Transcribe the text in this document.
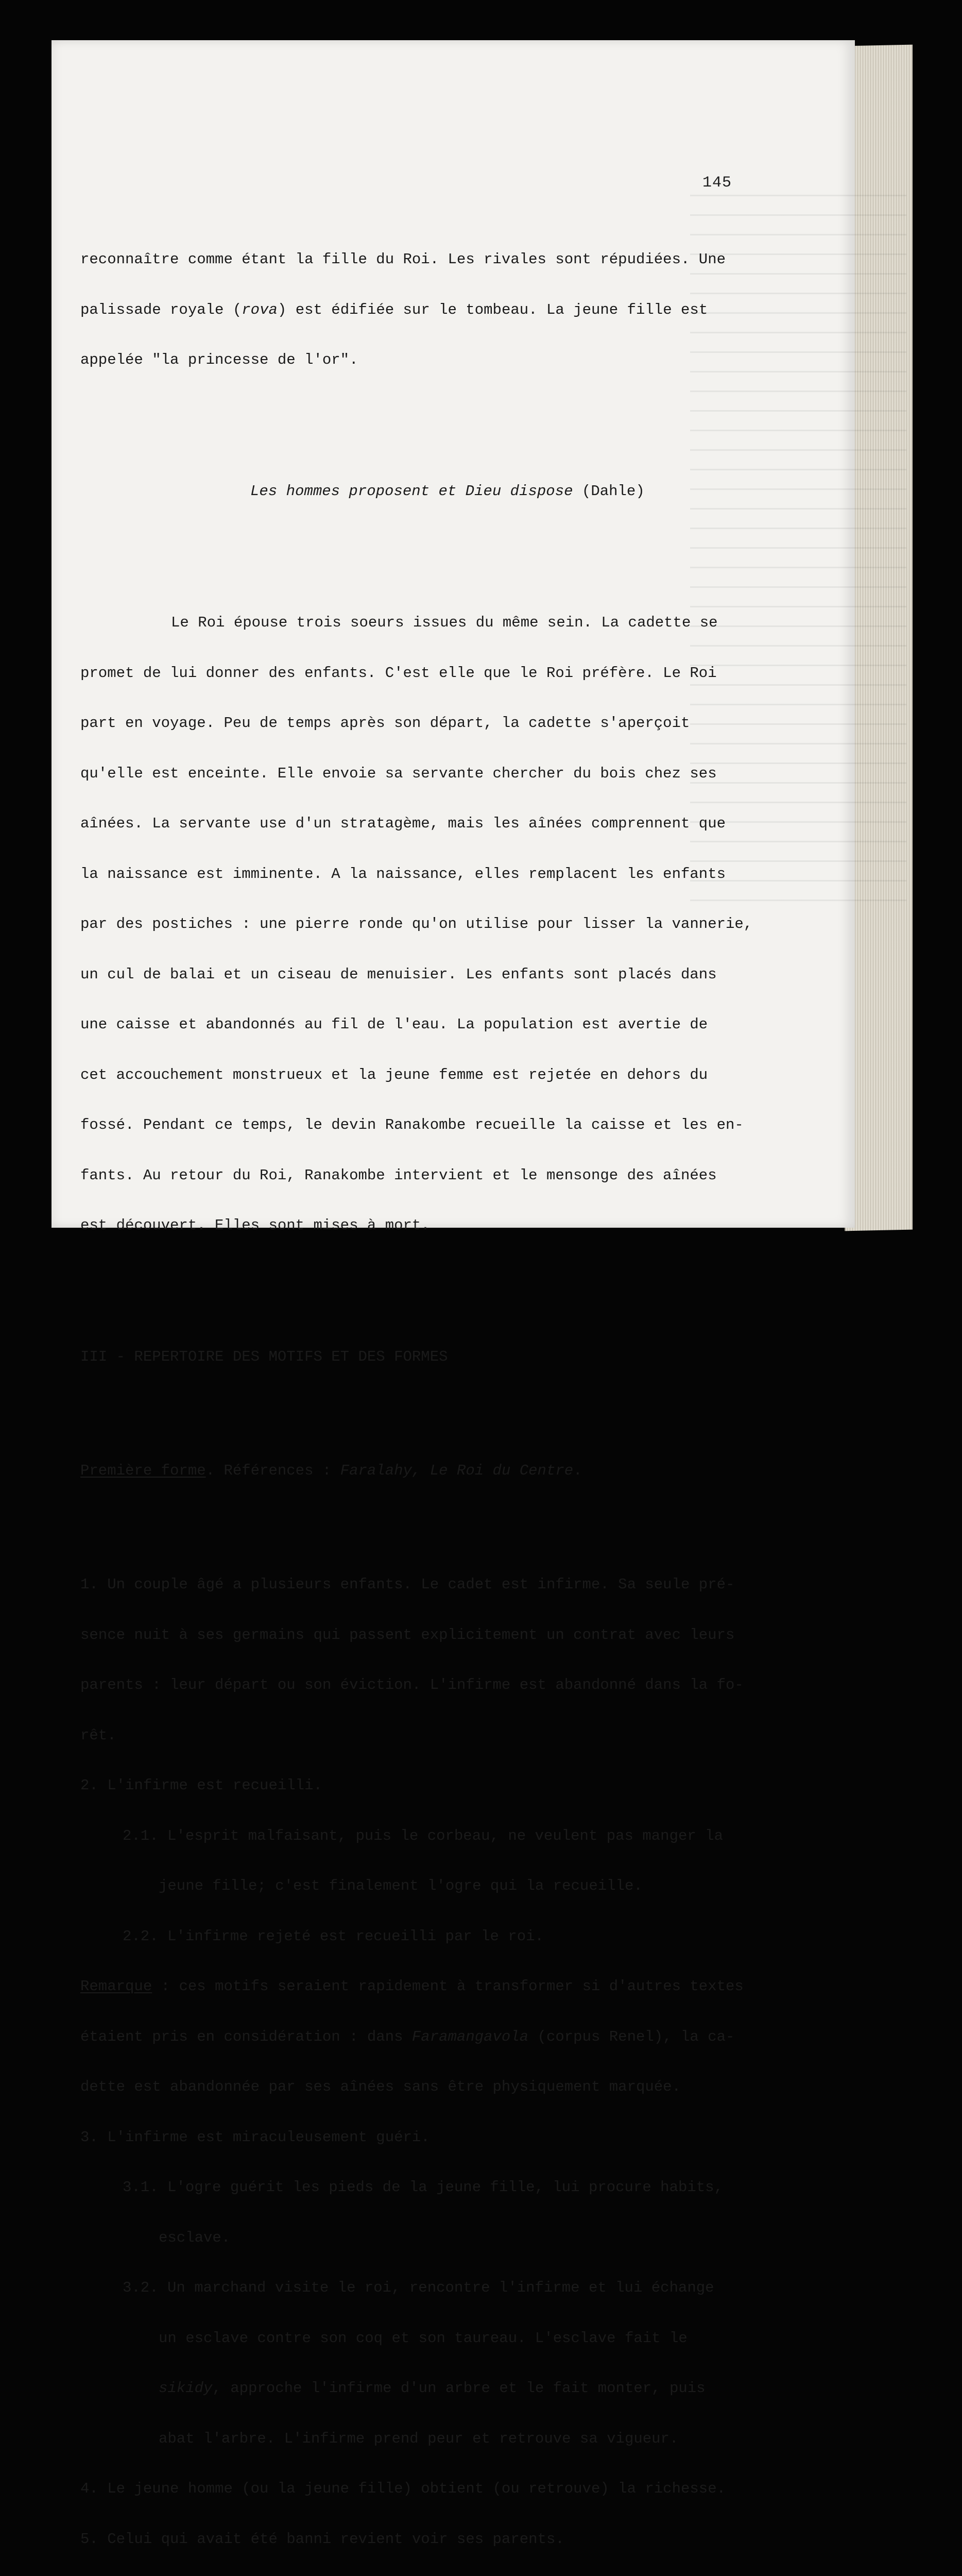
145

reconnaître comme étant la fille du Roi. Les rivales sont répudiées. Une

palissade royale (rova) est édifiée sur le tombeau. La jeune fille est

appelée "la princesse de l'or".

Les hommes proposent et Dieu dispose (Dahle)

Le Roi épouse trois soeurs issues du même sein. La cadette se

promet de lui donner des enfants. C'est elle que le Roi préfère. Le Roi

part en voyage. Peu de temps après son départ, la cadette s'aperçoit

qu'elle est enceinte. Elle envoie sa servante chercher du bois chez ses

aînées. La servante use d'un stratagème, mais les aînées comprennent que

la naissance est imminente. A la naissance, elles remplacent les enfants

par des postiches : une pierre ronde qu'on utilise pour lisser la vannerie,

un cul de balai et un ciseau de menuisier. Les enfants sont placés dans

une caisse et abandonnés au fil de l'eau. La population est avertie de

cet accouchement monstrueux et la jeune femme est rejetée en dehors du

fossé. Pendant ce temps, le devin Ranakombe recueille la caisse et les en-

fants. Au retour du Roi, Ranakombe intervient et le mensonge des aînées

est découvert. Elles sont mises à mort.

III - REPERTOIRE DES MOTIFS ET DES FORMES

Première forme. Références : Faralahy, Le Roi du Centre.

1. Un couple âgé a plusieurs enfants. Le cadet est infirme. Sa seule pré-

sence nuit à ses germains qui passent explicitement un contrat avec leurs

parents : leur départ ou son éviction. L'infirme est abandonné dans la fo-

rêt.

2. L'infirme est recueilli.

2.1. L'esprit malfaisant, puis le corbeau, ne veulent pas manger la

jeune fille; c'est finalement l'ogre qui la recueille.

2.2. L'infirme rejeté est recueilli par le roi.

Remarque : ces motifs seraient rapidement à transformer si d'autres textes

étaient pris en considération : dans Faramangavola (corpus Renel), la ca-

dette est abandonnée par ses aînées sans être physiquement marquée.

3. L'infirme est miraculeusement guéri.

3.1. L'ogre guérit les pieds de la jeune fille, lui procure habits,

esclave.

3.2. Un marchand visite le roi, rencontre l'infirme et lui échange

un esclave contre son coq et son taureau. L'esclave fait le

sikidy, approche l'infirme d'un arbre et le fait monter, puis

abat l'arbre. L'infirme prend peur et retrouve sa vigueur.

4. Le jeune homme (ou la jeune fille) obtient (ou retrouve) la richesse.

5. Celui qui avait été banni revient voir ses parents.
